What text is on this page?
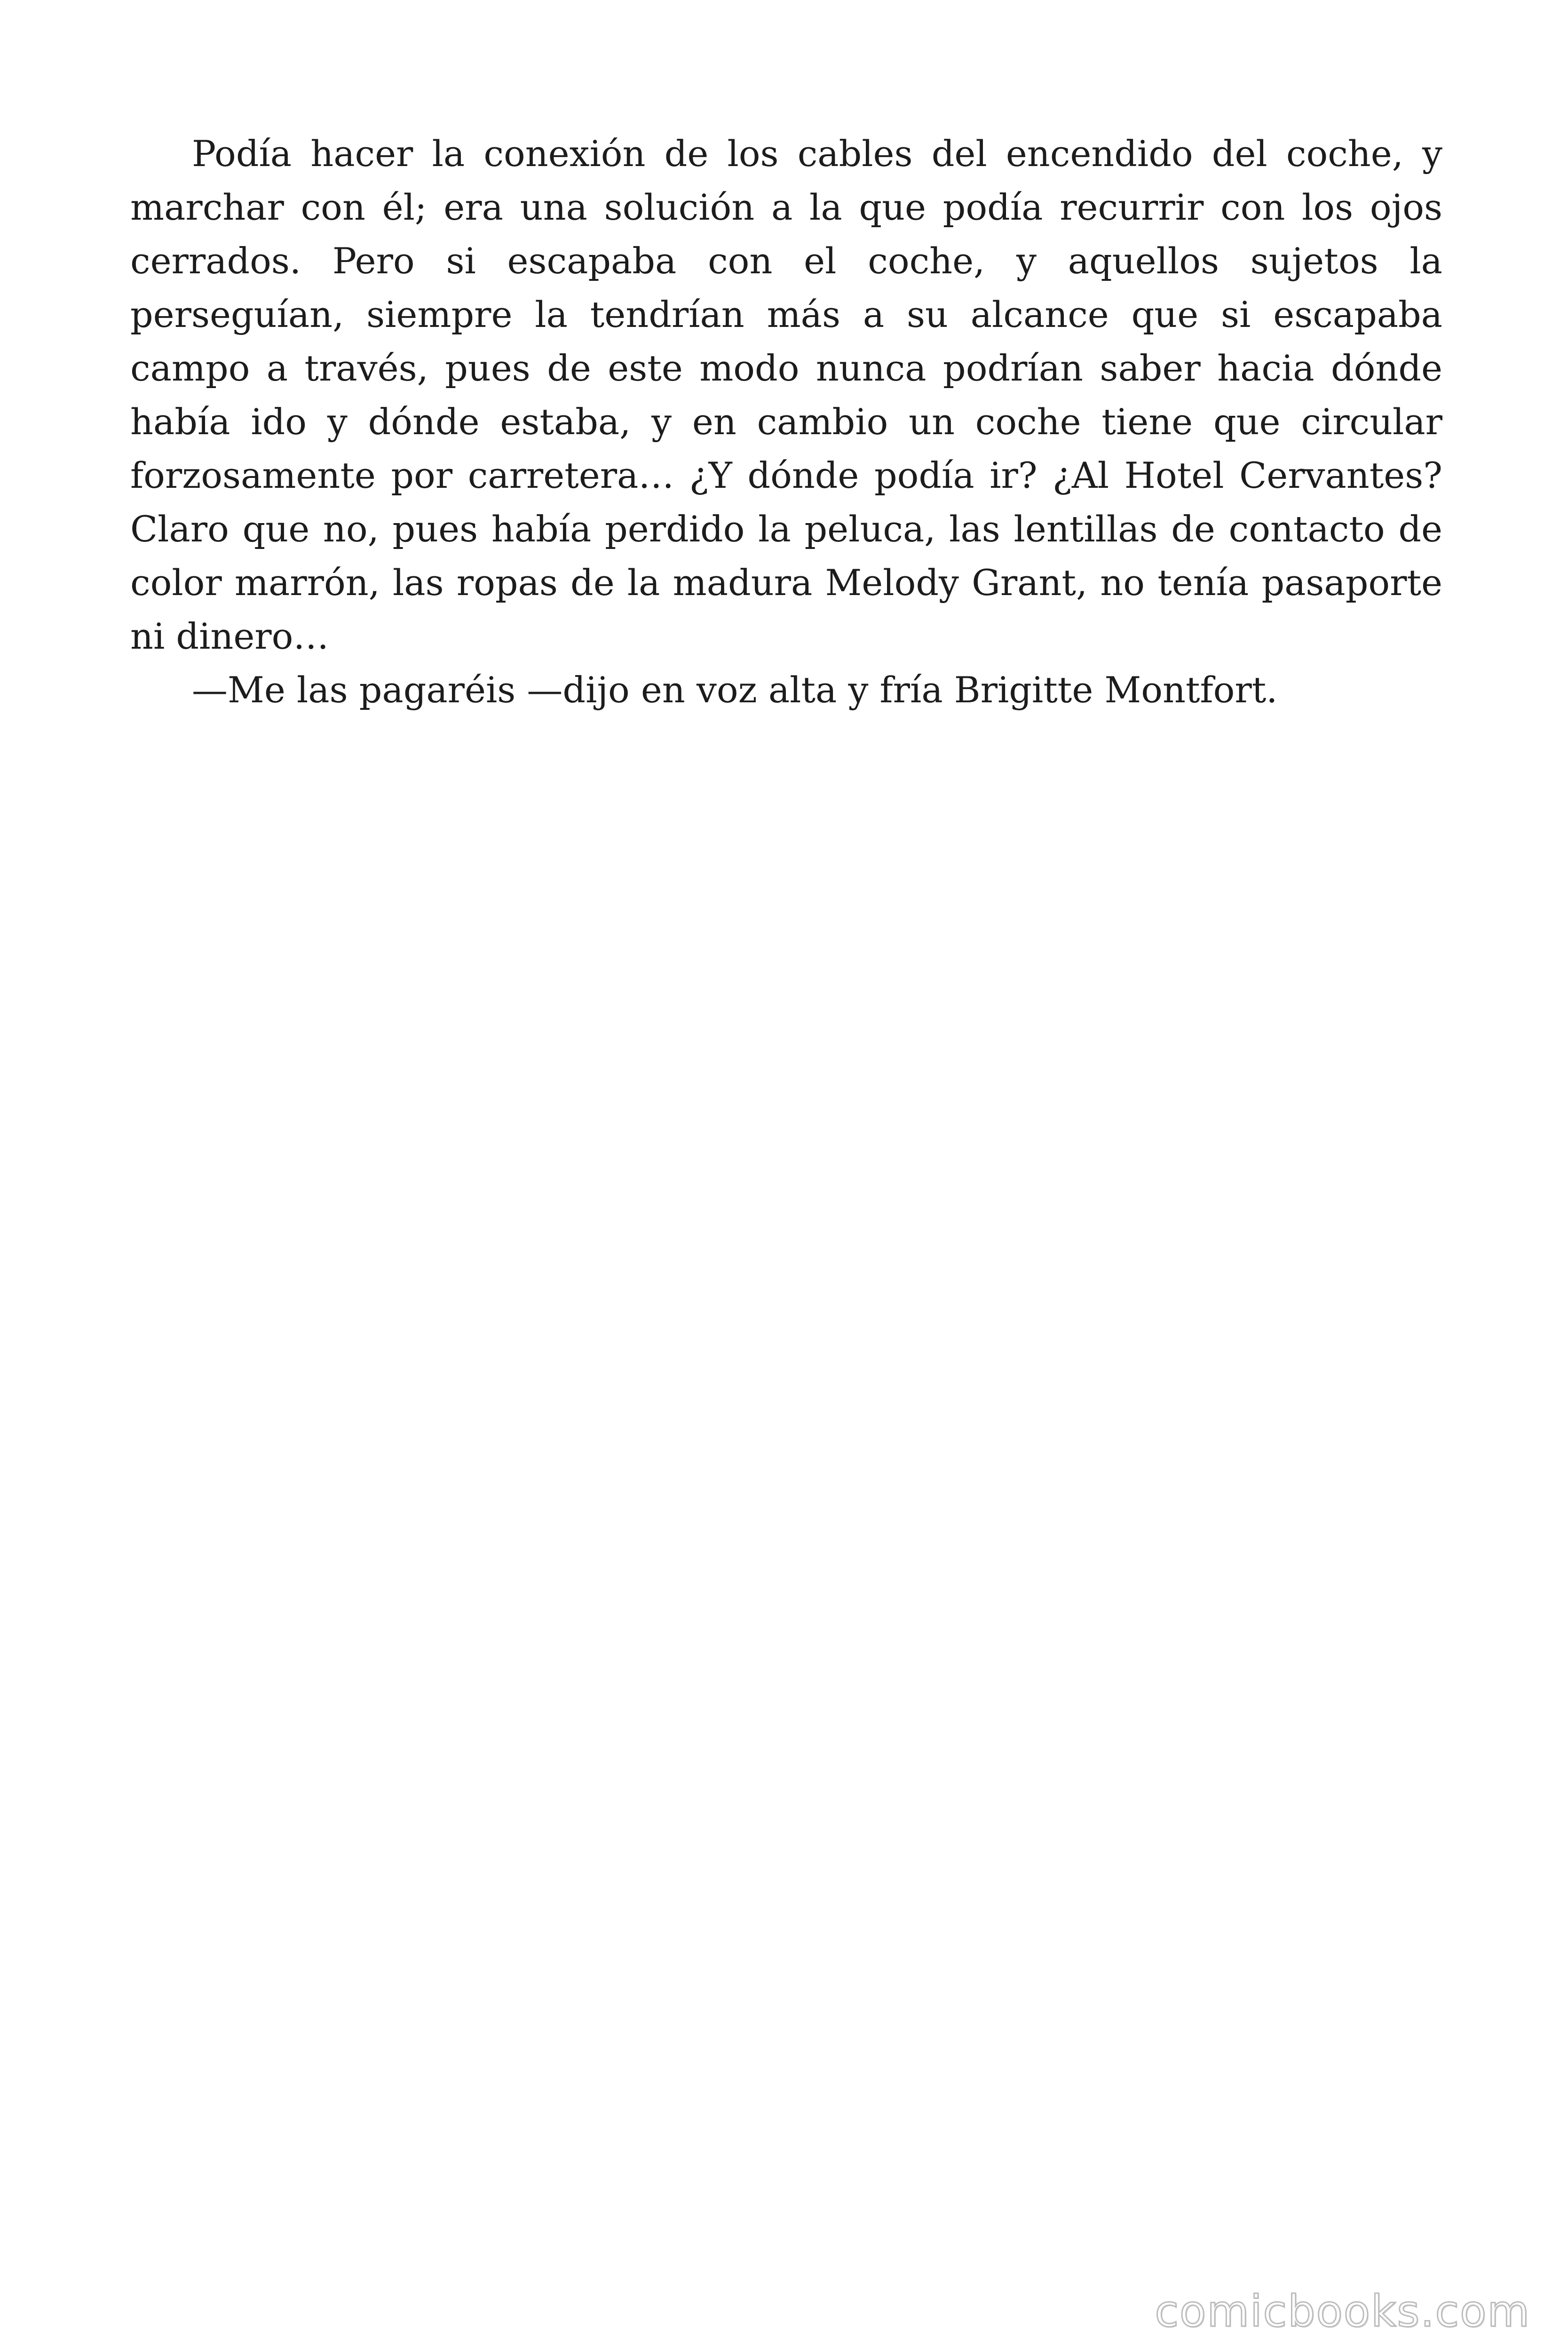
Podía hacer la conexión de los cables del encendido del coche, y marchar con él; era una solución a la que podía recurrir con los ojos cerrados. Pero si escapaba con el coche, y aquellos sujetos la perseguían, siempre la tendrían más a su alcance que si escapaba campo a través, pues de este modo nunca podrían saber hacia dónde había ido y dónde estaba, y en cambio un coche tiene que circular forzosamente por carretera… ¿Y dónde podía ir? ¿Al Hotel Cervantes? Claro que no, pues había perdido la peluca, las lentillas de contacto de color marrón, las ropas de la madura Melody Grant, no tenía pasaporte ni dinero…

—Me las pagaréis —dijo en voz alta y fría Brigitte Montfort.

comicbooks.com
